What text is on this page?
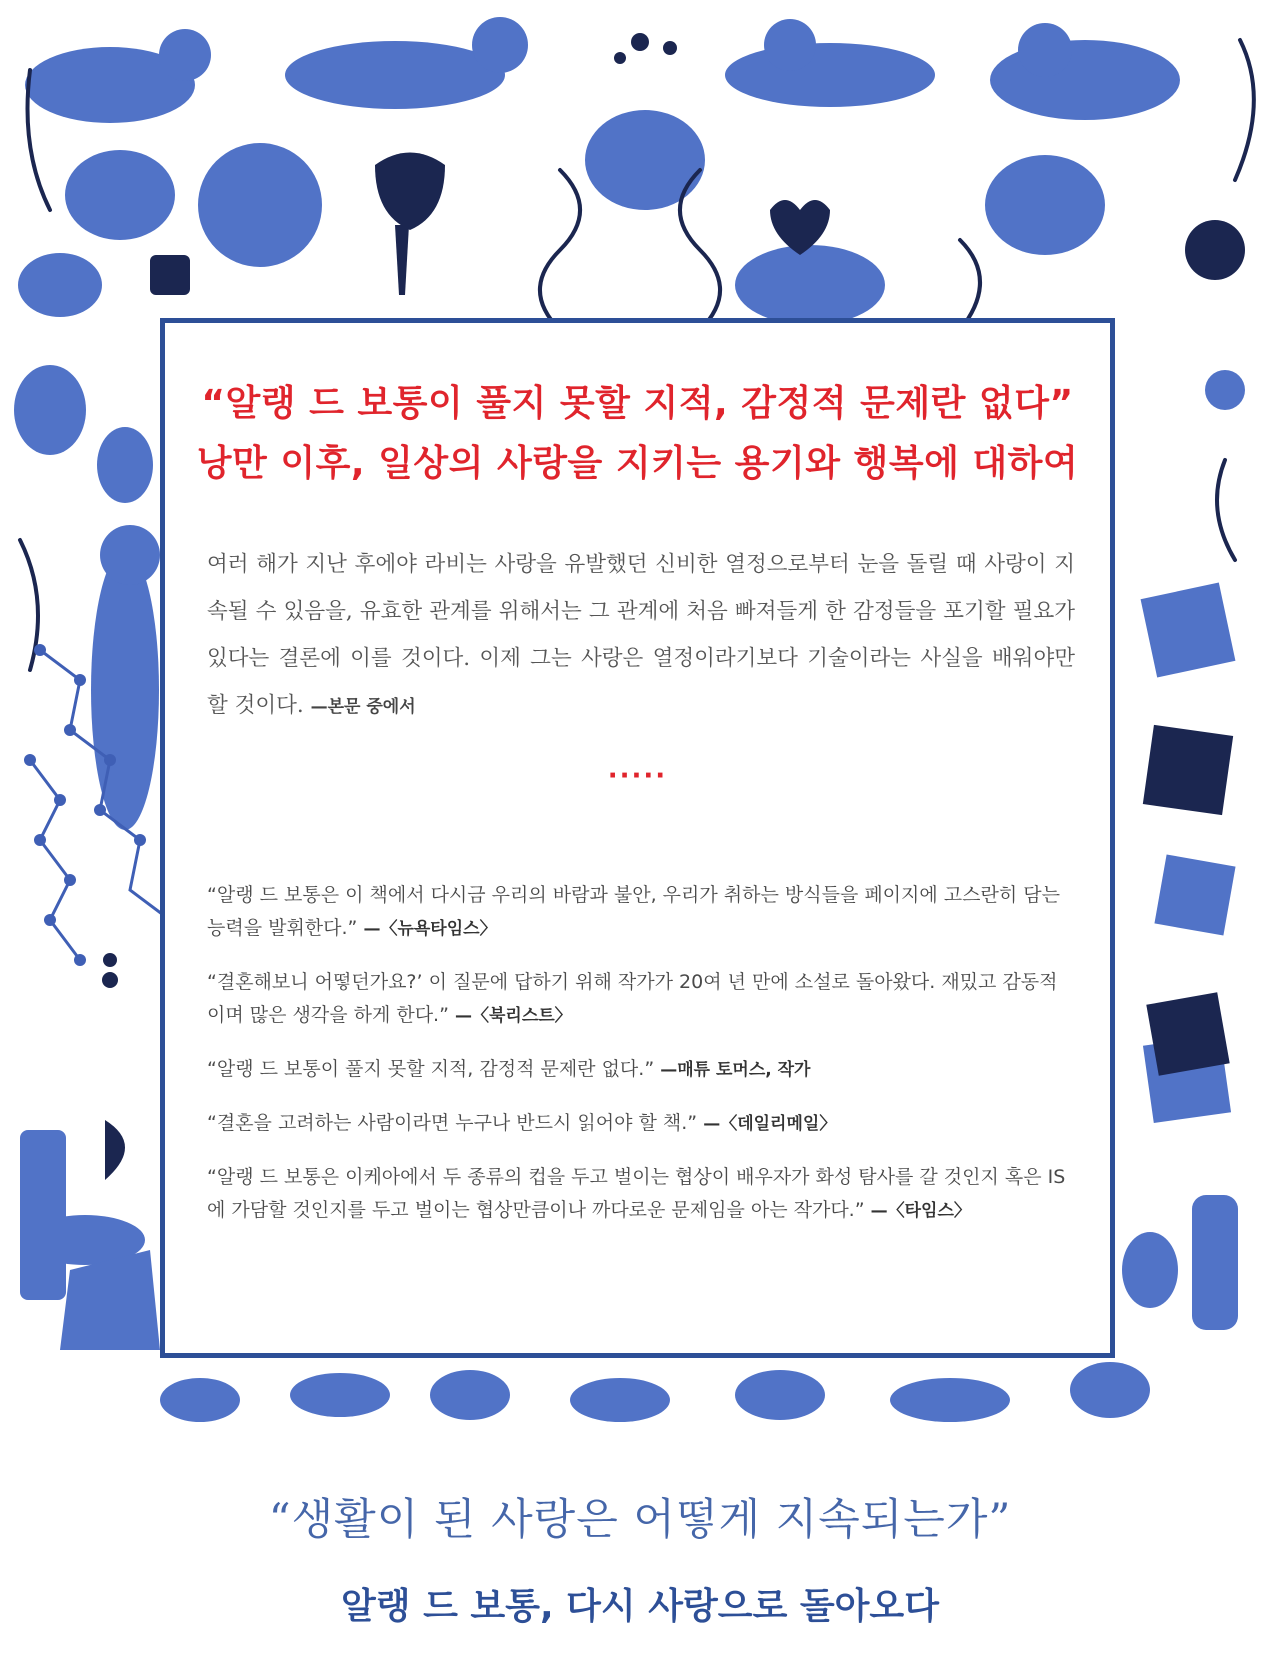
“알랭 드 보통이 풀지 못할 지적, 감정적 문제란 없다”
낭만 이후, 일상의 사랑을 지키는 용기와 행복에 대하여
여러 해가 지난 후에야 라비는 사랑을 유발했던 신비한 열정으로부터 눈을 돌릴 때 사랑이 지속될 수 있음을, 유효한 관계를 위해서는 그 관계에 처음 빠져들게 한 감정들을 포기할 필요가 있다는 결론에 이를 것이다. 이제 그는 사랑은 열정이라기보다 기술이라는 사실을 배워야만 할 것이다. —본문 중에서
·····

“알랭 드 보통은 이 책에서 다시금 우리의 바람과 불안, 우리가 취하는 방식들을 페이지에 고스란히 담는 능력을 발휘한다.” —〈뉴욕타임스〉

“결혼해보니 어떻던가요?’ 이 질문에 답하기 위해 작가가 20여 년 만에 소설로 돌아왔다. 재밌고 감동적이며 많은 생각을 하게 한다.” —〈북리스트〉

“알랭 드 보통이 풀지 못할 지적, 감정적 문제란 없다.” —매튜 토머스, 작가

“결혼을 고려하는 사람이라면 누구나 반드시 읽어야 할 책.” —〈데일리메일〉

“알랭 드 보통은 이케아에서 두 종류의 컵을 두고 벌이는 협상이 배우자가 화성 탐사를 갈 것인지 혹은 IS에 가담할 것인지를 두고 벌이는 협상만큼이나 까다로운 문제임을 아는 작가다.” —〈타임스〉

“생활이 된 사랑은 어떻게 지속되는가”
알랭 드 보통, 다시 사랑으로 돌아오다
